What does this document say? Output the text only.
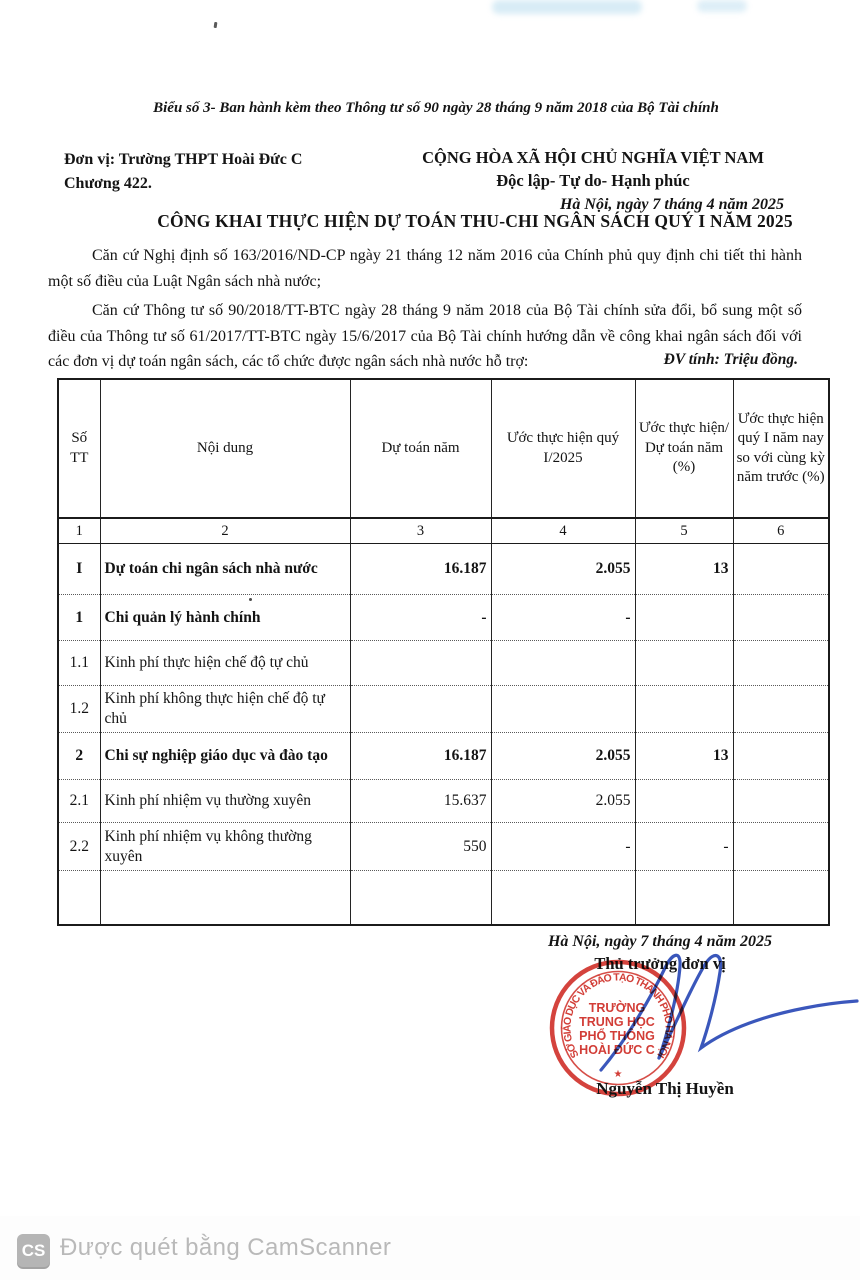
Biểu số 3- Ban hành kèm theo Thông tư số 90 ngày 28 tháng 9 năm 2018 của Bộ Tài chính
Đơn vị: Trường THPT Hoài Đức C
Chương 422.
CỘNG HÒA XÃ HỘI CHỦ NGHĨA VIỆT NAM
Độc lập- Tự do- Hạnh phúc
Hà Nội, ngày 7 tháng 4 năm 2025
CÔNG KHAI THỰC HIỆN DỰ TOÁN THU-CHI NGÂN SÁCH QUÝ I NĂM 2025

Căn cứ Nghị định số 163/2016/ND-CP ngày 21 tháng 12 năm 2016 của Chính phủ quy định chi tiết thi hành một số điều của Luật Ngân sách nhà nước;

Căn cứ Thông tư số 90/2018/TT-BTC ngày 28 tháng 9 năm 2018 của Bộ Tài chính sửa đổi, bổ sung một số điều của Thông tư số 61/2017/TT-BTC ngày 15/6/2017 của Bộ Tài chính hướng dẫn về công khai ngân sách đối với các đơn vị dự toán ngân sách, các tổ chức được ngân sách nhà nước hỗ trợ:	ĐV tính: Triệu đồng.
Số TT	Nội dung	Dự toán năm	Ước thực hiện quý I/2025	Ước thực hiện/ Dự toán năm (%)	Ước thực hiện quý I năm nay so với cùng kỳ năm trước (%)
1	2	3	4	5	6
I	Dự toán chi ngân sách nhà nước	16.187	2.055	13	
1	Chi quản lý hành chính	-	-		
1.1	Kinh phí thực hiện chế độ tự chủ				
1.2	Kinh phí không thực hiện chế độ tự chủ				
2	Chi sự nghiệp giáo dục và đào tạo	16.187	2.055	13	
2.1	Kinh phí nhiệm vụ thường xuyên	15.637	2.055		
2.2	Kinh phí nhiệm vụ không thường xuyên	550	-	-	

Hà Nội, ngày 7 tháng 4 năm 2025
Thủ trưởng đơn vị
SỞ GIÁO DỤC VÀ ĐÀO TẠO THÀNH PHỐ HÀ NỘI
TRƯỜNG
TRUNG HỌC
PHỔ THÔNG
HOÀI ĐỨC C
★
Nguyễn Thị Huyền
CS Được quét bằng CamScanner
